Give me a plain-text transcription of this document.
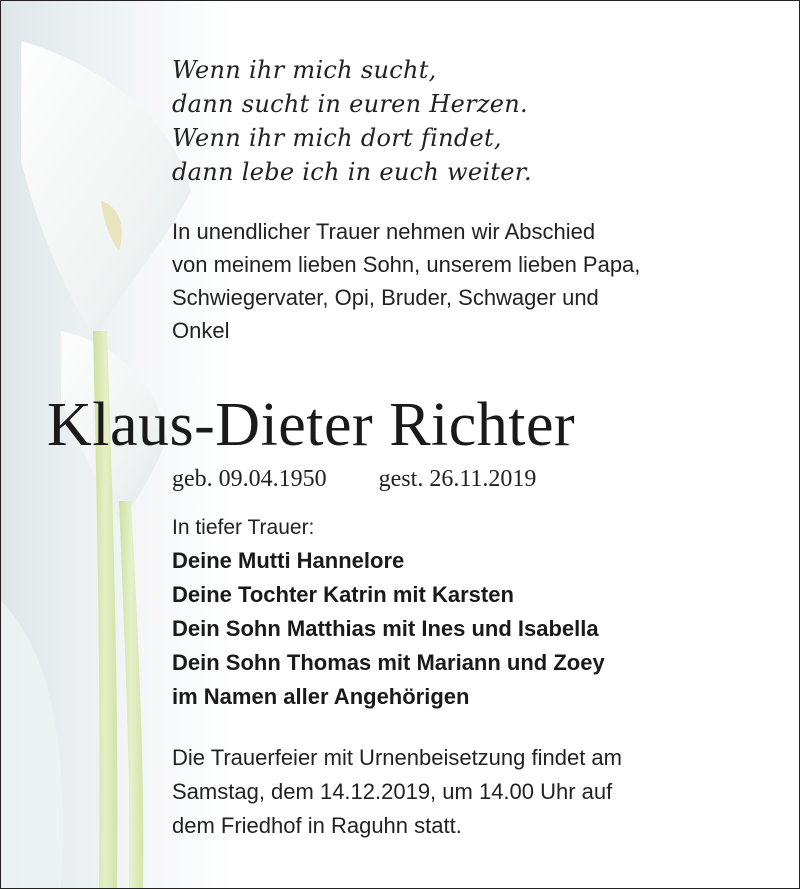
Wenn ihr mich sucht,
dann sucht in euren Herzen.
Wenn ihr mich dort findet,
dann lebe ich in euch weiter.
In unendlicher Trauer nehmen wir Abschied
von meinem lieben Sohn, unserem lieben Papa,
Schwiegervater, Opi, Bruder, Schwager und
Onkel
Klaus-Dieter Richter
geb. 09.04.1950 gest. 26.11.2019
In tiefer Trauer:
Deine Mutti Hannelore
Deine Tochter Katrin mit Karsten
Dein Sohn Matthias mit Ines und Isabella
Dein Sohn Thomas mit Mariann und Zoey
im Namen aller Angehörigen
Die Trauerfeier mit Urnenbeisetzung findet am
Samstag, dem 14.12.2019, um 14.00 Uhr auf
dem Friedhof in Raguhn statt.
